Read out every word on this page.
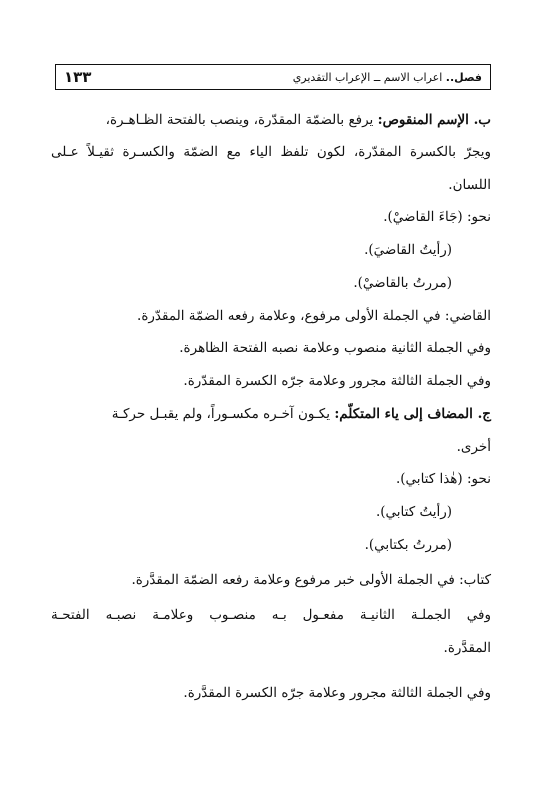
١٣٣	فصل.. اعراب الاسم ــ الإعراب التقديري
ب. الإسم المنقوص: يرفع بالضمّة المقدّرة، وينصب بالفتحة الظـاهـرة،
ويجرّ بالكسرة المقدّرة، لكون تلفظ الياء مع الضمّة والكسـرة ثقيـلاً عـلى
اللسان.
نحو: (جَاءَ القاضيْ).
(رأيتُ القاضيَ).
(مررتُ بالقاضيْ).
القاضي: في الجملة الأولى مرفوع، وعلامة رفعه الضمّة المقدّرة.
وفي الجملة الثانية منصوب وعلامة نصبه الفتحة الظاهرة.
وفي الجملة الثالثة مجرور وعلامة جرّه الكسرة المقدّرة.
ج. المضاف إلى ياء المتكلّم: يكـون آخـره مكسـوراً، ولم يقبـل حركـة
أخرى.
نحو: (هٰذا كتابي).
(رأيتُ كتابي).
(مررتُ بكتابي).
كتاب: في الجملة الأولى خبر مرفوع وعلامة رفعه الضمّة المقدَّرة.
وفي الجملـة الثانيـة مفعـول بـه منصـوب وعلامـة نصبـه الفتحـة
المقدَّرة.
وفي الجملة الثالثة مجرور وعلامة جرّه الكسرة المقدَّرة.
